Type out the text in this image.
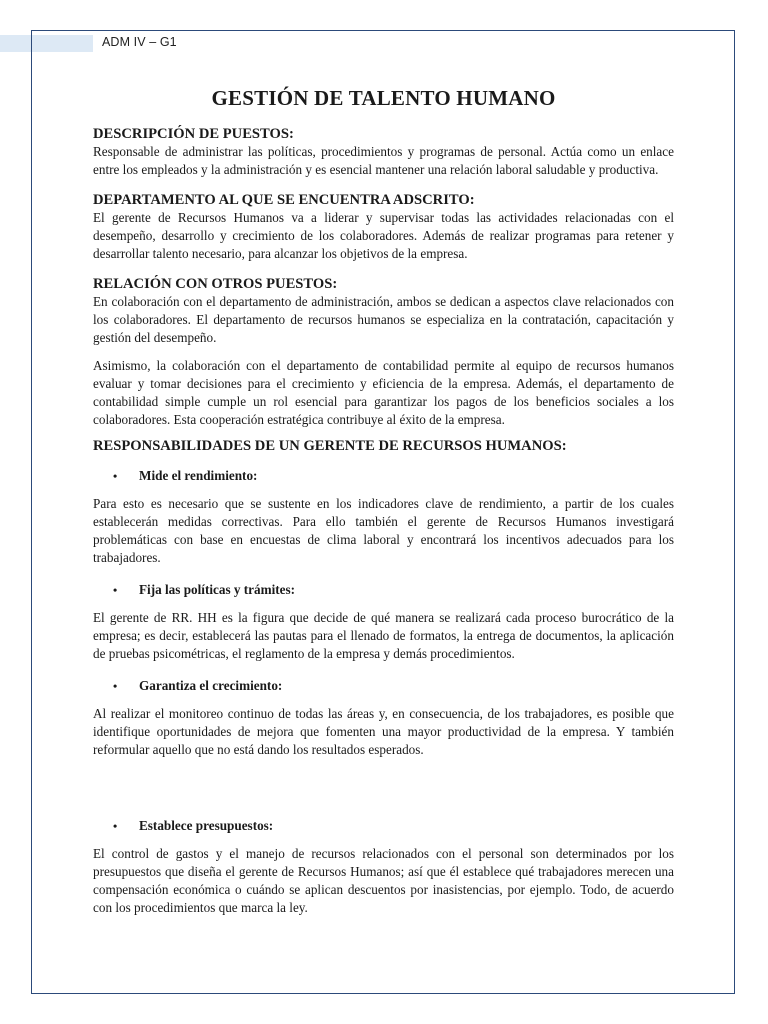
ADM IV – G1
GESTIÓN DE TALENTO HUMANO
DESCRIPCIÓN DE PUESTOS:

Responsable de administrar las políticas, procedimientos y programas de personal. Actúa como un enlace entre los empleados y la administración y es esencial mantener una relación laboral saludable y productiva.

DEPARTAMENTO AL QUE SE ENCUENTRA ADSCRITO:

El gerente de Recursos Humanos va a liderar y supervisar todas las actividades relacionadas con el desempeño, desarrollo y crecimiento de los colaboradores. Además de realizar programas para retener y desarrollar talento necesario, para alcanzar los objetivos de la empresa.

RELACIÓN CON OTROS PUESTOS:

En colaboración con el departamento de administración, ambos se dedican a aspectos clave relacionados con los colaboradores. El departamento de recursos humanos se especializa en la contratación, capacitación y gestión del desempeño.

Asimismo, la colaboración con el departamento de contabilidad permite al equipo de recursos humanos evaluar y tomar decisiones para el crecimiento y eficiencia de la empresa. Además, el departamento de contabilidad simple cumple un rol esencial para garantizar los pagos de los beneficios sociales a los colaboradores. Esta cooperación estratégica contribuye al éxito de la empresa.

RESPONSABILIDADES DE UN GERENTE DE RECURSOS HUMANOS:
•	Mide el rendimiento:

Para esto es necesario que se sustente en los indicadores clave de rendimiento, a partir de los cuales establecerán medidas correctivas. Para ello también el gerente de Recursos Humanos investigará problemáticas con base en encuestas de clima laboral y encontrará los incentivos adecuados para los trabajadores.

•	Fija las políticas y trámites:

El gerente de RR. HH es la figura que decide de qué manera se realizará cada proceso burocrático de la empresa; es decir, establecerá las pautas para el llenado de formatos, la entrega de documentos, la aplicación de pruebas psicométricas, el reglamento de la empresa y demás procedimientos.

•	Garantiza el crecimiento:

Al realizar el monitoreo continuo de todas las áreas y, en consecuencia, de los trabajadores, es posible que identifique oportunidades de mejora que fomenten una mayor productividad de la empresa. Y también reformular aquello que no está dando los resultados esperados.

•	Establece presupuestos:

El control de gastos y el manejo de recursos relacionados con el personal son determinados por los presupuestos que diseña el gerente de Recursos Humanos; así que él establece qué trabajadores merecen una compensación económica o cuándo se aplican descuentos por inasistencias, por ejemplo. Todo, de acuerdo con los procedimientos que marca la ley.
